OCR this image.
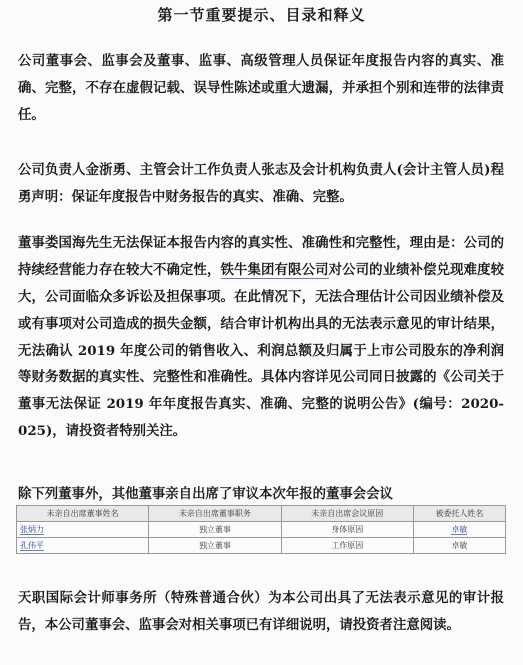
第一节重要提示、目录和释义

公司董事会、监事会及董事、监事、高级管理人员保证年度报告内容的真实、准确、完整，不存在虚假记载、误导性陈述或重大遗漏，并承担个别和连带的法律责任。

公司负责人金浙勇、主管会计工作负责人张志及会计机构负责人(会计主管人员)程勇声明：保证年度报告中财务报告的真实、准确、完整。

董事娄国海先生无法保证本报告内容的真实性、准确性和完整性，理由是：公司的持续经营能力存在较大不确定性，铁牛集团有限公司对公司的业绩补偿兑现难度较大，公司面临众多诉讼及担保事项。在此情况下，无法合理估计公司因业绩补偿及或有事项对公司造成的损失金额，结合审计机构出具的无法表示意见的审计结果，无法确认 2019 年度公司的销售收入、利润总额及归属于上市公司股东的净利润等财务数据的真实性、完整性和准确性。具体内容详见公司同日披露的《公司关于董事无法保证 2019 年年度报告真实、准确、完整的说明公告》(编号：2020-025)，请投资者特别关注。

除下列董事外，其他董事亲自出席了审议本次年报的董事会会议

未亲自出席董事姓名	未亲自出席董事职务	未亲自出席会议原因	被委托人姓名
张炳力	独立董事	身体原因	卓敏
孔伟平	独立董事	工作原因	卓敏

天职国际会计师事务所（特殊普通合伙）为本公司出具了无法表示意见的审计报告，本公司董事会、监事会对相关事项已有详细说明，请投资者注意阅读。
